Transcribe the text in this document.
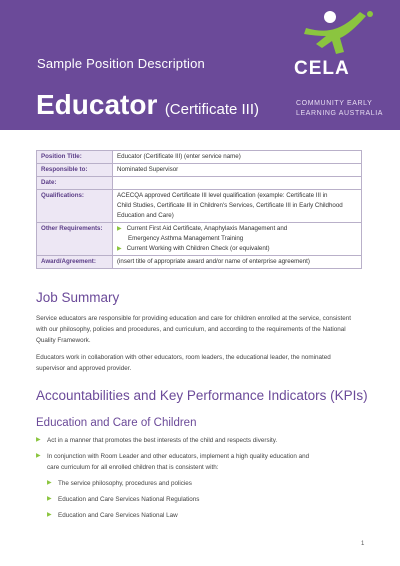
Sample Position Description
Educator (Certificate III)
CELA
COMMUNITY EARLY
LEARNING AUSTRALIA
Position Title:	Educator (Certificate III) (enter service name)
Responsible to:	Nominated Supervisor
Date:	
Qualifications:	ACECQA approved Certificate III level qualification (example: Certificate III in
Child Studies, Certificate III in Children's Services, Certificate III in Early Childhood
Education and Care)

Other Requirements:	▶ Current First Aid Certificate, Anaphylaxis Management and
Emergency Asthma Management Training
▶ Current Working with Children Check (or equivalent)

Award/Agreement:	(insert title of appropriate award and/or name of enterprise agreement)
Job Summary
Service educators are responsible for providing education and care for children enrolled at the service, consistent
with our philosophy, policies and procedures, and curriculum, and according to the requirements of the National
Quality Framework.
Educators work in collaboration with other educators, room leaders, the educational leader, the nominated
supervisor and approved provider.
Accountabilities and Key Performance Indicators (KPIs)
Education and Care of Children
▶	Act in a manner that promotes the best interests of the child and respects diversity.
▶	In conjunction with Room Leader and other educators, implement a high quality education and
care curriculum for all enrolled children that is consistent with:
▶	The service philosophy, procedures and policies
▶	Education and Care Services National Regulations
▶	Education and Care Services National Law
1
